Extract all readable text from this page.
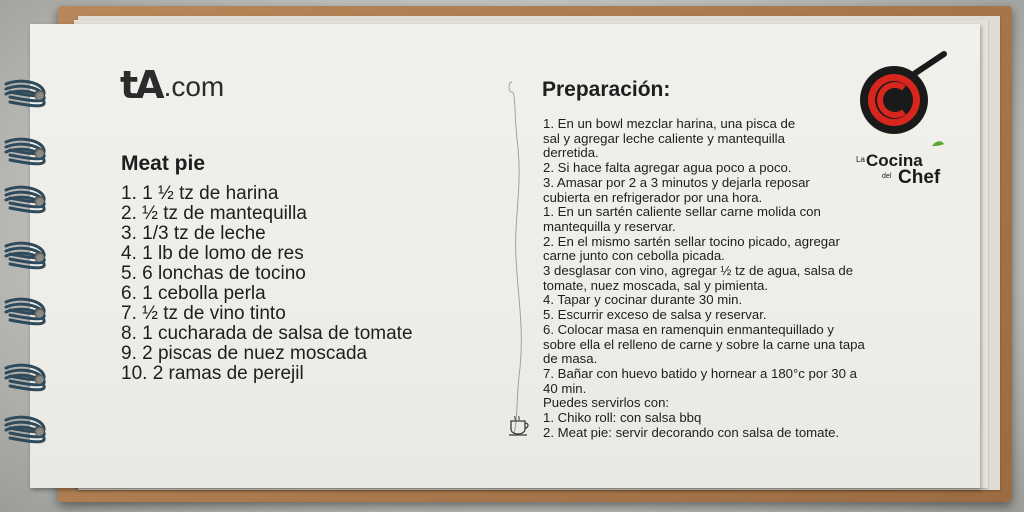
tA .com
Meat pie
1. 1 ½ tz de harina
2. ½ tz de mantequilla
3. 1/3 tz de leche
4. 1 lb de lomo de res
5. 6 lonchas de tocino
6. 1 cebolla perla
7. ½ tz de vino tinto
8. 1 cucharada de salsa de tomate
9. 2 piscas de nuez moscada
10. 2 ramas de perejil
Preparación:
1. En un bowl mezclar harina, una pisca de
sal y agregar leche caliente y mantequilla
derretida.
2. Si hace falta agregar agua poco a poco.
3. Amasar por 2 a 3 minutos y dejarla reposar
cubierta en refrigerador por una hora.
1. En un sartén caliente sellar carne molida con
mantequilla y reservar.
2. En el mismo sartén sellar tocino picado, agregar
carne junto con cebolla picada.
3 desglasar con vino, agregar ½ tz de agua, salsa de
tomate, nuez moscada, sal y pimienta.
4. Tapar y cocinar durante 30 min.
5. Escurrir exceso de salsa y reservar.
6. Colocar masa en ramenquin enmantequillado y
sobre ella el relleno de carne y sobre la carne una tapa
de masa.
7. Bañar con huevo batido y hornear a 180°c por 30 a
40 min.
Puedes servirlos con:
1. Chiko roll: con salsa bbq
2. Meat pie: servir decorando con salsa de tomate.
La Cocina
del Chef
